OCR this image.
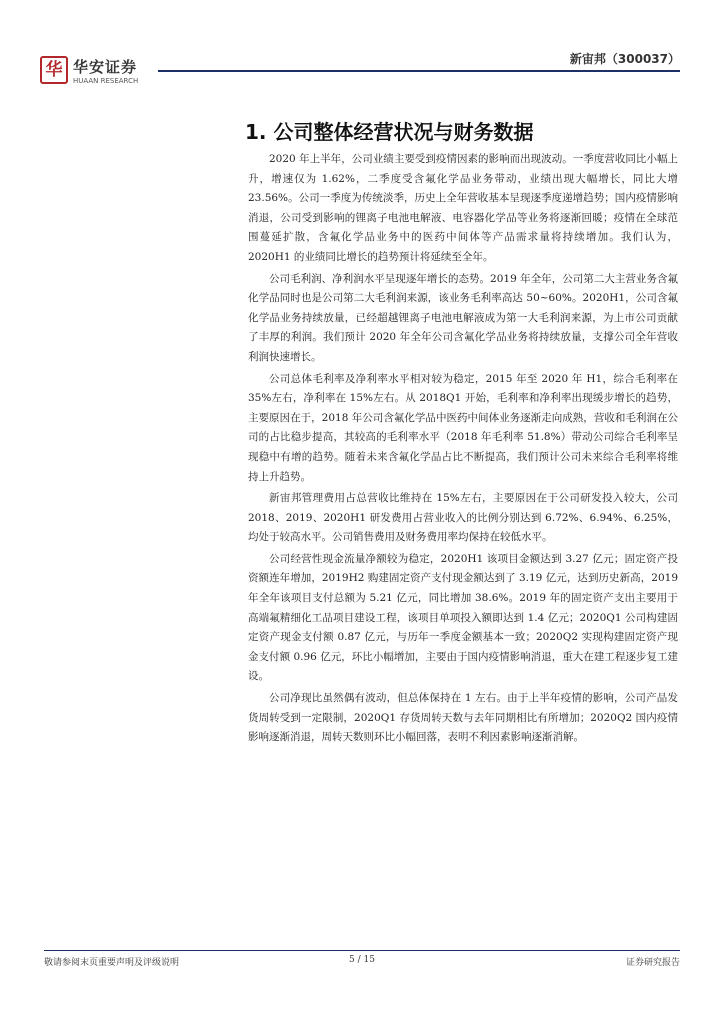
华 华安证券
HUAAN RESEARCH
新宙邦（300037）
1. 公司整体经营状况与财务数据

2020 年上半年，公司业绩主要受到疫情因素的影响而出现波动。一季度营收同比小幅上升，增速仅为 1.62%，二季度受含氟化学品业务带动，业绩出现大幅增长，同比大增 23.56%。公司一季度为传统淡季，历史上全年营收基本呈现逐季度递增趋势；国内疫情影响消退，公司受到影响的锂离子电池电解液、电容器化学品等业务将逐渐回暖；疫情在全球范围蔓延扩散，含氟化学品业务中的医药中间体等产品需求量将持续增加。我们认为，2020H1 的业绩同比增长的趋势预计将延续至全年。

公司毛利润、净利润水平呈现逐年增长的态势。2019 年全年，公司第二大主营业务含氟化学品同时也是公司第二大毛利润来源，该业务毛利率高达 50~60%。2020H1，公司含氟化学品业务持续放量，已经超越锂离子电池电解液成为第一大毛利润来源，为上市公司贡献了丰厚的利润。我们预计 2020 年全年公司含氟化学品业务将持续放量，支撑公司全年营收利润快速增长。

公司总体毛利率及净利率水平相对较为稳定，2015 年至 2020 年 H1，综合毛利率在 35%左右，净利率在 15%左右。从 2018Q1 开始，毛利率和净利率出现缓步增长的趋势，主要原因在于，2018 年公司含氟化学品中医药中间体业务逐渐走向成熟，营收和毛利润在公司的占比稳步提高，其较高的毛利率水平（2018 年毛利率 51.8%）带动公司综合毛利率呈现稳中有增的趋势。随着未来含氟化学品占比不断提高，我们预计公司未来综合毛利率将维持上升趋势。

新宙邦管理费用占总营收比维持在 15%左右，主要原因在于公司研发投入较大，公司 2018、2019、2020H1 研发费用占营业收入的比例分别达到 6.72%、6.94%、6.25%，均处于较高水平。公司销售费用及财务费用率均保持在较低水平。

公司经营性现金流量净额较为稳定，2020H1 该项目金额达到 3.27 亿元；固定资产投资额连年增加，2019H2 购建固定资产支付现金额达到了 3.19 亿元，达到历史新高，2019 年全年该项目支付总额为 5.21 亿元，同比增加 38.6%。2019 年的固定资产支出主要用于高端氟精细化工品项目建设工程，该项目单项投入额即达到 1.4 亿元；2020Q1 公司构建固定资产现金支付额 0.87 亿元，与历年一季度金额基本一致；2020Q2 实现构建固定资产现金支付额 0.96 亿元，环比小幅增加，主要由于国内疫情影响消退，重大在建工程逐步复工建设。

公司净现比虽然偶有波动，但总体保持在 1 左右。由于上半年疫情的影响，公司产品发货周转受到一定限制，2020Q1 存货周转天数与去年同期相比有所增加；2020Q2 国内疫情影响逐渐消退，周转天数则环比小幅回落，表明不利因素影响逐渐消解。

敬请参阅末页重要声明及评级说明	5 / 15	证券研究报告
